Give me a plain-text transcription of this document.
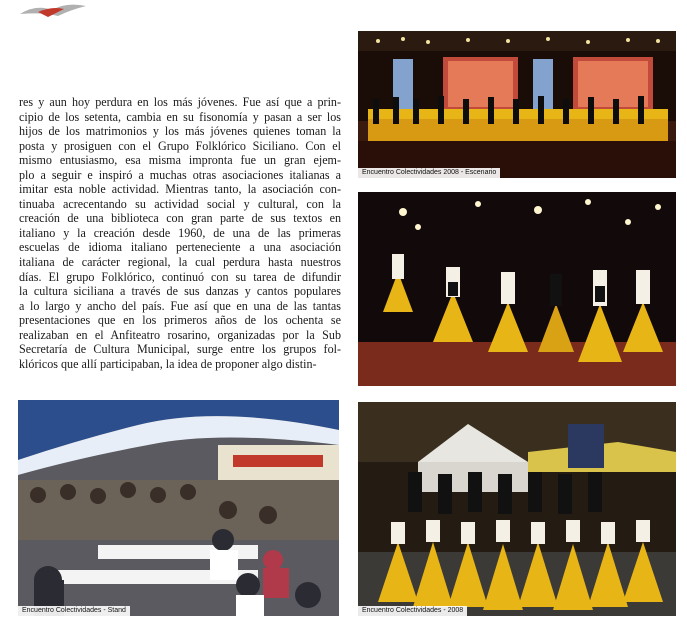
res y aun hoy perdura en los más jóvenes. Fue así que a prin-
cipio de los setenta, cambia en su fisonomía y pasan a ser los
hijos de los matrimonios y los más jóvenes quienes toman la
posta y prosiguen con el Grupo Folklórico Siciliano. Con el
mismo entusiasmo, esa misma impronta fue un gran ejem-
plo a seguir e inspiró a muchas otras asociaciones italianas a
imitar esta noble actividad. Mientras tanto, la asociación con-
tinuaba acrecentando su actividad social y cultural, con la
creación de una biblioteca con gran parte de sus textos en
italiano y la creación desde 1960, de una de las primeras
escuelas de idioma italiano perteneciente a una asociación
italiana de carácter regional, la cual perdura hasta nuestros
días. El grupo Folklórico, continuó con su tarea de difundir
la cultura siciliana a través de sus danzas y cantos populares
a lo largo y ancho del país. Fue así que en una de las tantas
presentaciones que en los primeros años de los ochenta se
realizaban en el Anfiteatro rosarino, organizadas por la Sub
Secretaría de Cultura Municipal, surge entre los grupos fol-
klóricos que allí participaban, la idea de proponer algo distin-
Encuentro Colectividades 2008 - Escenario
Encuentro Colectividades - Stand	Encuentro Colectividades - 2008
